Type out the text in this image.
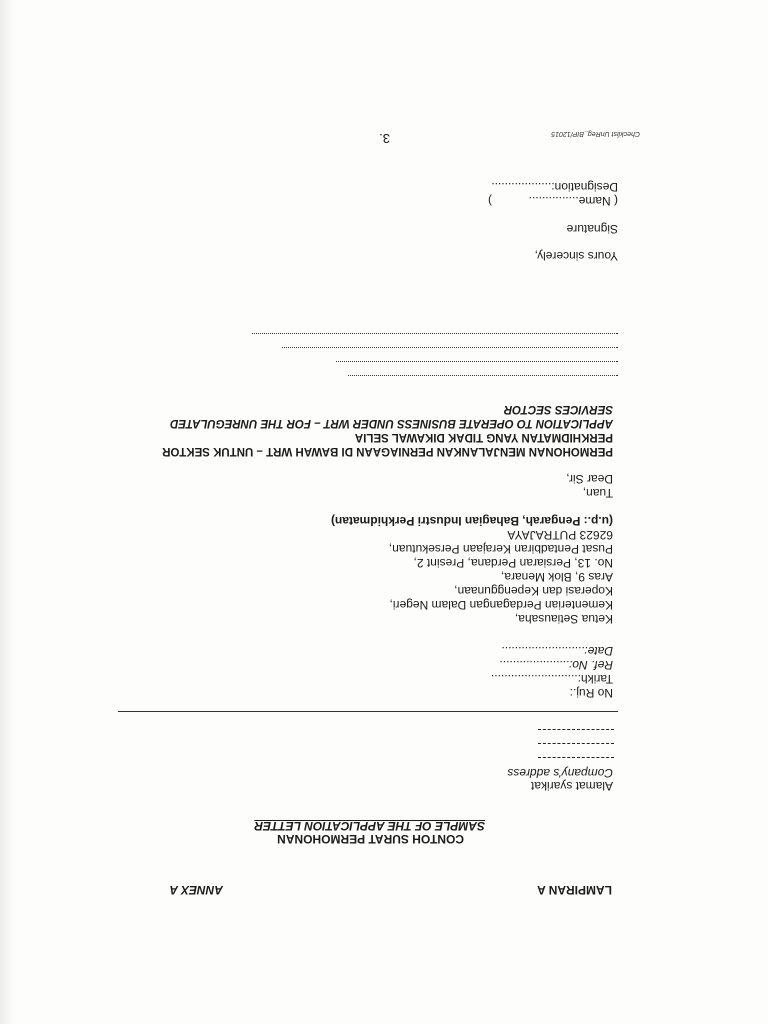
LAMPIRAN A
ANNEX A
CONTOH SURAT PERMOHONAN
SAMPLE OF THE APPLICATION LETTER
Alamat syarikat
Company's address
No Ruj.:
Tarikh:..........................
Ref. No:.....................
Date:.........................
Ketua Setiausaha,
Kementerian Perdagangan Dalam Negeri,
Koperasi dan Kepenggunaan,
Aras 9, Blok Menara,
No. 13, Persiaran Perdana, Presint 2,
Pusat Pentadbiran Kerajaan Persekutuan,
62623 PUTRAJAYA
(u.p.: Pengarah, Bahagian Industri Perkhidmatan)
Tuan,
Dear Sir,
PERMOHONAN MENJALANKAN PERNIAGAAN DI BAWAH WRT – UNTUK SEKTOR
PERKHIDMATAN YANG TIDAK DIKAWAL SELIA
APPLICATION TO OPERATE BUSINESS UNDER WRT – FOR THE UNREGULATED
SERVICES SECTOR
Yours sincerely,
Signature
( Name...............           )
Designation:..................
3.	Checklist UnReg_BIP/12015
